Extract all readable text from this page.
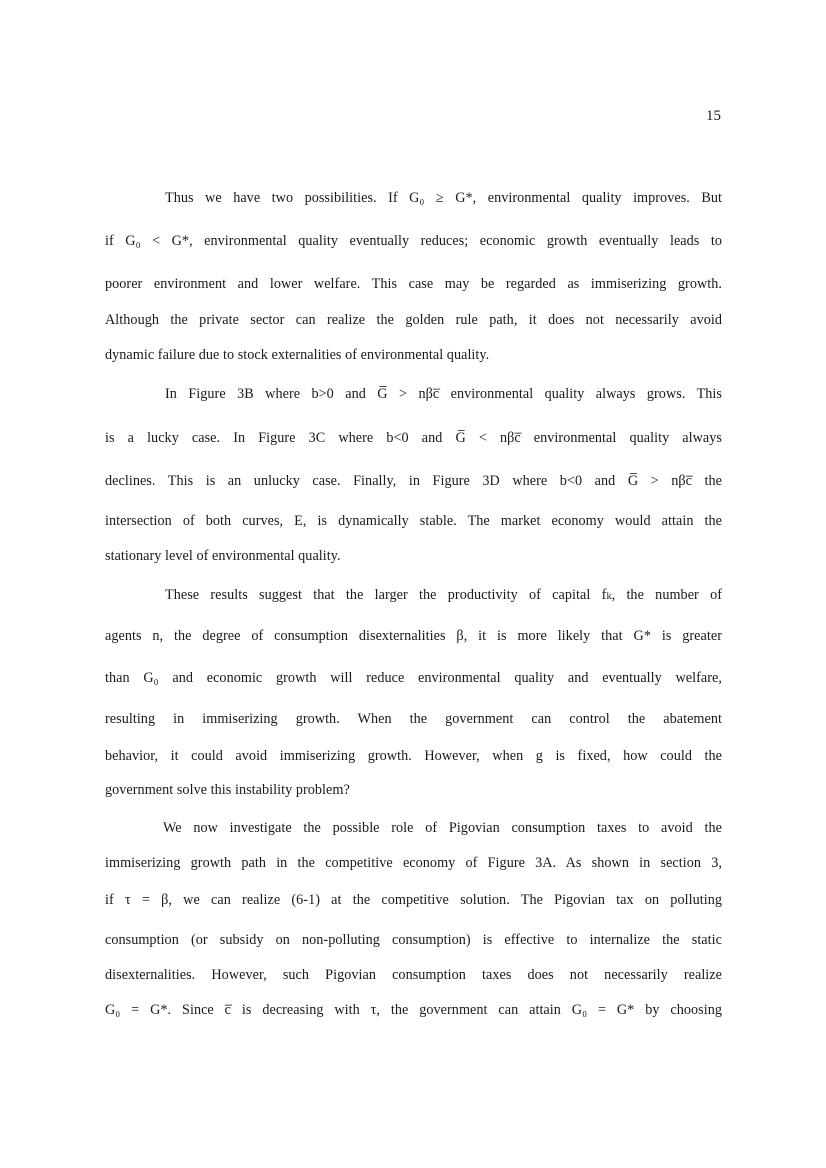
15
Thus we have two possibilities. If G₀ ≥ G*, environmental quality improves. But
if G₀ < G*, environmental quality eventually reduces; economic growth eventually leads to
poorer environment and lower welfare. This case may be regarded as immiserizing growth.
Although the private sector can realize the golden rule path, it does not necessarily avoid
dynamic failure due to stock externalities of environmental quality.
In Figure 3B where b>0 and G̅ > nβc̅ environmental quality always grows. This
is a lucky case. In Figure 3C where b<0 and G̅ < nβc̅ environmental quality always
declines. This is an unlucky case. Finally, in Figure 3D where b<0 and G̅ > nβc̅ the
intersection of both curves, E, is dynamically stable. The market economy would attain the
stationary level of environmental quality.
These results suggest that the larger the productivity of capital fₖ, the number of
agents n, the degree of consumption disexternalities β, it is more likely that G* is greater
than G₀ and economic growth will reduce environmental quality and eventually welfare,
resulting in immiserizing growth. When the government can control the abatement
behavior, it could avoid immiserizing growth. However, when g is fixed, how could the
government solve this instability problem?
We now investigate the possible role of Pigovian consumption taxes to avoid the
immiserizing growth path in the competitive economy of Figure 3A. As shown in section 3,
if τ = β, we can realize (6-1) at the competitive solution. The Pigovian tax on polluting
consumption (or subsidy on non-polluting consumption) is effective to internalize the static
disexternalities. However, such Pigovian consumption taxes does not necessarily realize
G₀ = G*. Since c̅ is decreasing with τ, the government can attain G₀ = G* by choosing
